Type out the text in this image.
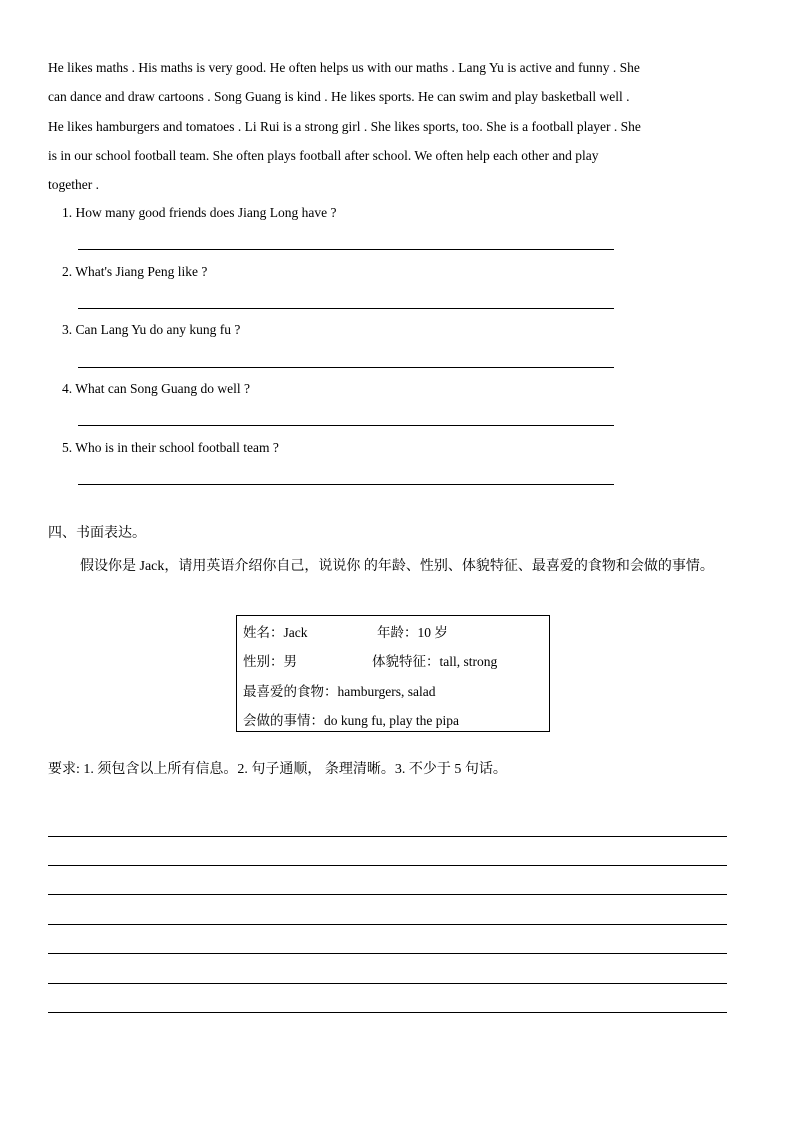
He likes maths . His maths is very good. He often helps us with our maths . Lang Yu is active and funny . She

can dance and draw cartoons . Song Guang is kind . He likes sports. He can swim and play basketball well .

He likes hamburgers and tomatoes . Li Rui is a strong girl . She likes sports, too. She is a football player . She

is in our school football team. She often plays football after school. We often help each other and play

together .

1. How many good friends does Jiang Long have ?
2. What's Jiang Peng like ?
3. Can Lang Yu do any kung fu ?
4. What can Song Guang do well ?
5. Who is in their school football team ?
四、书面表达。
假设你是 Jack，请用英语介绍你自己，说说你 的年龄、性别、体貌特征、最喜爱的食物和会做的事情。
姓名：Jack	年龄：10 岁
性别：男	体貌特征：tall, strong
最喜爱的食物：hamburgers, salad
会做的事情：do kung fu, play the pipa
要求: 1. 须包含以上所有信息。2. 句子通顺， 条理清晰。3. 不少于 5 句话。
